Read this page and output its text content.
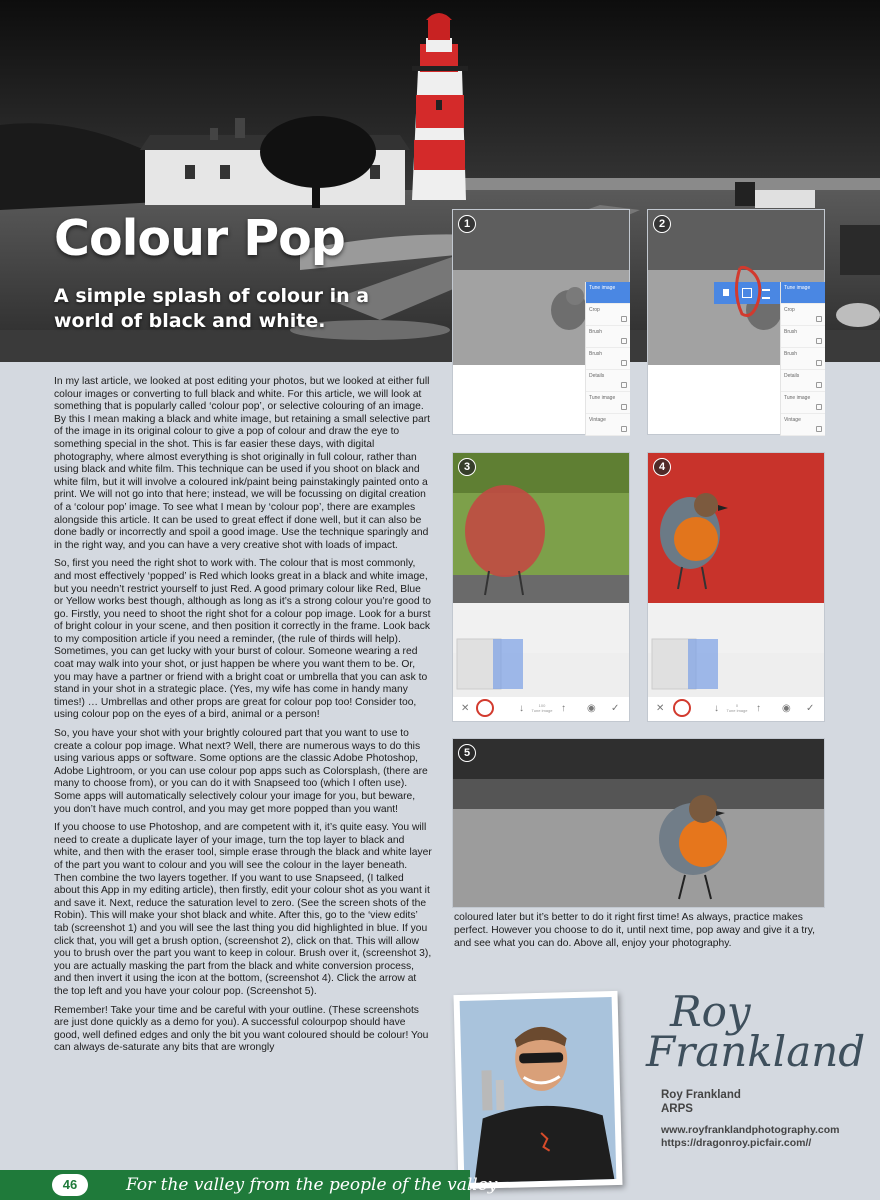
Colour Pop
A simple splash of colour in a world of black and white.

In my last article, we looked at post editing your photos, but we looked at either full colour images or converting to full black and white. For this article, we will look at something that is popularly called ‘colour pop’, or selective colouring of an image. By this I mean making a black and white image, but retaining a small selective part of the image in its original colour to give a pop of colour and draw the eye to something special in the shot. This is far easier these days, with digital photography, where almost everything is shot originally in full colour, rather than using black and white film. This technique can be used if you shoot on black and white film, but it will involve a coloured ink/paint being painstakingly painted onto a print. We will not go into that here; instead, we will be focussing on digital creation of a ‘colour pop’ image. To see what I mean by ‘colour pop’, there are examples alongside this article. It can be used to great effect if done well, but it can also be done badly or incorrectly and spoil a good image. Use the technique sparingly and in the right way, and you can have a very creative shot with loads of impact.

So, first you need the right shot to work with. The colour that is most commonly, and most effectively ‘popped’ is Red which looks great in a black and white image, but you needn’t restrict yourself to just Red. A good primary colour like Red, Blue or Yellow works best though, although as long as it’s a strong colour you’re good to go. Firstly, you need to shoot the right shot for a colour pop image. Look for a burst of bright colour in your scene, and then position it correctly in the frame. Look back to my composition article if you need a reminder, (the rule of thirds will help). Sometimes, you can get lucky with your burst of colour. Someone wearing a red coat may walk into your shot, or just happen be where you want them to be. Or, you may have a partner or friend with a bright coat or umbrella that you can ask to stand in your shot in a strategic place. (Yes, my wife has come in handy many times!) … Umbrellas and other props are great for colour pop too! Consider too, using colour pop on the eyes of a bird, animal or a person!

So, you have your shot with your brightly coloured part that you want to use to create a colour pop image. What next? Well, there are numerous ways to do this using various apps or software. Some options are the classic Adobe Photoshop, Adobe Lightroom, or you can use colour pop apps such as Colorsplash, (there are many to choose from), or you can do it with Snapseed too (which I often use). Some apps will automatically selectively colour your image for you, but beware, you don’t have much control, and you may get more popped than you want!

If you choose to use Photoshop, and are competent with it, it’s quite easy. You will need to create a duplicate layer of your image, turn the top layer to black and white, and then with the eraser tool, simple erase through the black and white layer of the part you want to colour and you will see the colour in the layer beneath. Then combine the two layers together. If you want to use Snapseed, (I talked about this App in my editing article), then firstly, edit your colour shot as you want it and save it. Next, reduce the saturation level to zero. (See the screen shots of the Robin). This will make your shot black and white. After this, go to the ‘view edits’ tab (screenshot 1) and you will see the last thing you did highlighted in blue. If you click that, you will get a brush option, (screenshot 2), click on that. This will allow you to brush over the part you want to keep in colour. Brush over it, (screenshot 3), you are actually masking the part from the black and white conversion process, and then invert it using the icon at the bottom, (screenshot 4). Click the arrow at the top left and you have your colour pop. (Screenshot 5).

Remember! Take your time and be careful with your outline. (These screenshots are just done quickly as a demo for you). A successful colourpop should have good, well defined edges and only the bit you want coloured should be colour! You can always de-saturate any bits that are wrongly

1
Tune image
Crop
Brush
Brush
Details
Tune image
Vintage
2
Tune image
Crop
Brush
Brush
Details
Tune image
Vintage
3
✕	↓	100
Tune image ↑ ◉ ✓
4
✕	↓	0
Tune image ↑ ◉ ✓
5
coloured later but it’s better to do it right first time! As always, practice makes perfect. However you choose to do it, until next time, pop away and give it a try, and see what you can do. Above all, enjoy your photography.
Roy
Frankland
Roy Frankland
ARPS
www.royfranklandphotography.com
https://dragonroy.picfair.com//
46	For the valley from the people of the valley
